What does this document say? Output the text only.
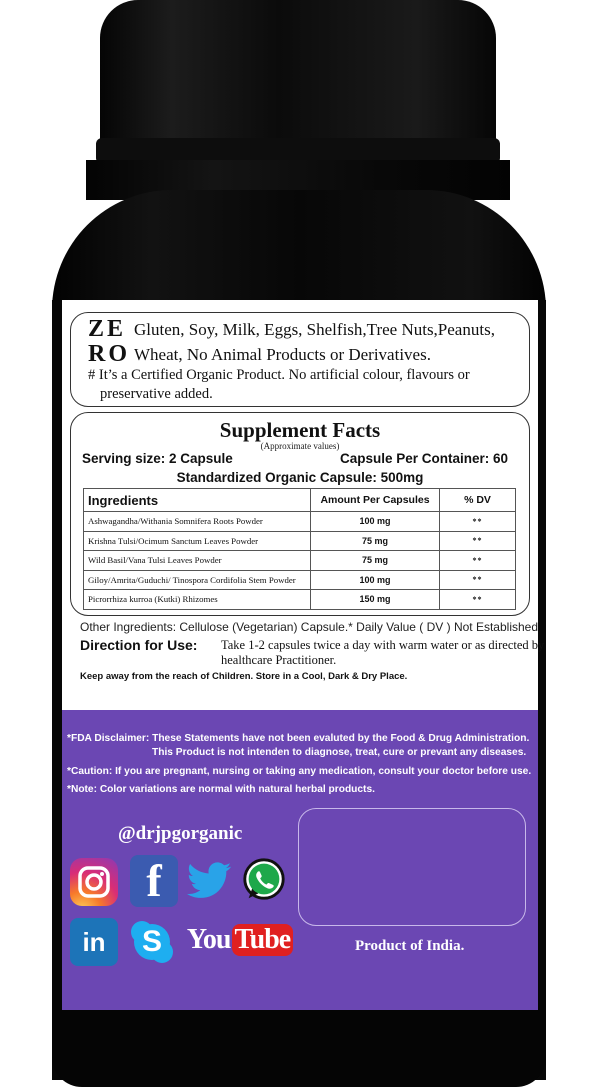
ZE
RO
Gluten, Soy, Milk, Eggs, Shelfish,Tree Nuts,Peanuts,
Wheat, No Animal Products or Derivatives.
# It’s a Certified Organic Product. No artificial colour, flavours or
preservative added.
Supplement Facts
(Approximate values)
Serving size: 2 Capsule	Capsule Per Container: 60
Standardized Organic Capsule: 500mg
Ingredients	Amount Per Capsules	% DV
Ashwagandha/Withania Somnifera Roots Powder	100 mg	**
Krishna Tulsi/Ocimum Sanctum Leaves Powder	75 mg	**
Wild Basil/Vana Tulsi Leaves Powder	75 mg	**
Giloy/Amrita/Guduchi/ Tinospora Cordifolia Stem Powder	100 mg	**
Picrorrhiza kurroa (Kutki) Rhizomes	150 mg	**
Other Ingredients: Cellulose (Vegetarian) Capsule.* Daily Value ( DV ) Not Established
Direction for Use: Take 1-2 capsules twice a day with warm water or as directed by
healthcare Practitioner.
Keep away from the reach of Children. Store in a Cool, Dark & Dry Place.
*FDA Disclaimer: These Statements have not been evaluted by the Food & Drug Administration.
This Product is not intenden to diagnose, treat, cure or prevant any diseases.
*Caution: If you are pregnant, nursing or taking any medication, consult your doctor before use.
*Note: Color variations are normal with natural herbal products.
@drjpgorganic
Product of India.
f
in S You Tube
